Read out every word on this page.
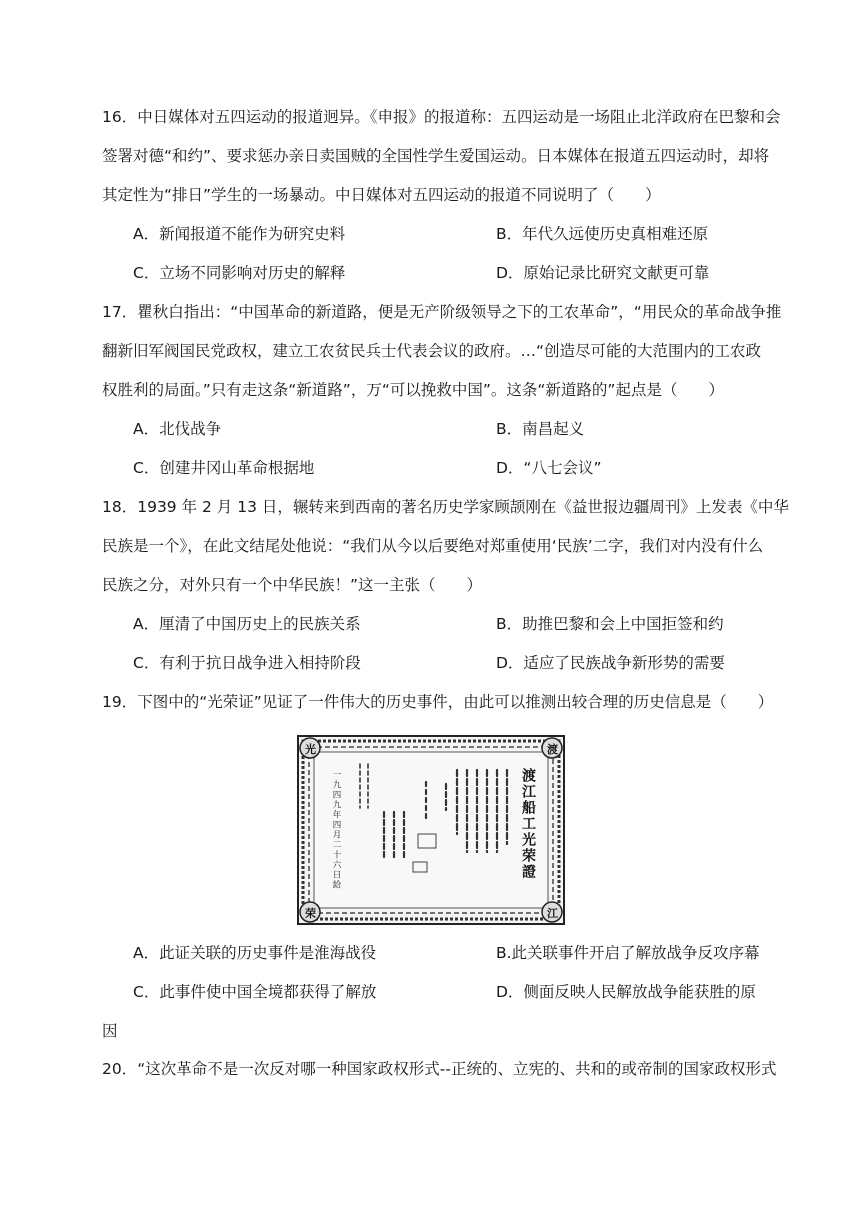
16．中日媒体对五四运动的报道迥异。《申报》的报道称：五四运动是一场阻止北洋政府在巴黎和会
签署对德“和约”、要求惩办亲日卖国贼的全国性学生爱国运动。日本媒体在报道五四运动时，却将
其定性为“排日”学生的一场暴动。中日媒体对五四运动的报道不同说明了（　　）
A．新闻报道不能作为研究史料	B．年代久远使历史真相难还原
C．立场不同影响对历史的解释	D．原始记录比研究文献更可靠
17．瞿秋白指出：“中国革命的新道路，便是无产阶级领导之下的工农革命”，“用民众的革命战争推
翻新旧军阀国民党政权，建立工农贫民兵士代表会议的政府。…“创造尽可能的大范围内的工农政
权胜利的局面。”只有走这条“新道路”，万“可以挽救中国”。这条“新道路的”起点是（　　）
A．北伐战争	B．南昌起义
C．创建井冈山革命根据地	D．“八七会议”
18．1939 年 2 月 13 日，辗转来到西南的著名历史学家顾颉刚在《益世报边疆周刊》上发表《中华
民族是一个》，在此文结尾处他说：“我们从今以后要绝对郑重使用‘民族’二字，我们对内没有什么
民族之分，对外只有一个中华民族！”这一主张（　　）
A．厘清了中国历史上的民族关系	B．助推巴黎和会上中国拒签和约
C．有利于抗日战争进入相持阶段	D．适应了民族战争新形势的需要
19．下图中的“光荣证”见证了一件伟大的历史事件，由此可以推测出较合理的历史信息是（　　）
光	渡
荣	江
渡江船工光荣證
一九四九年四月二十六日給
A．此证关联的历史事件是淮海战役	B.此关联事件开启了解放战争反攻序幕
C．此事件使中国全境都获得了解放	D．侧面反映人民解放战争能获胜的原
因
20．“这次革命不是一次反对哪一种国家政权形式--正统的、立宪的、共和的或帝制的国家政权形式
